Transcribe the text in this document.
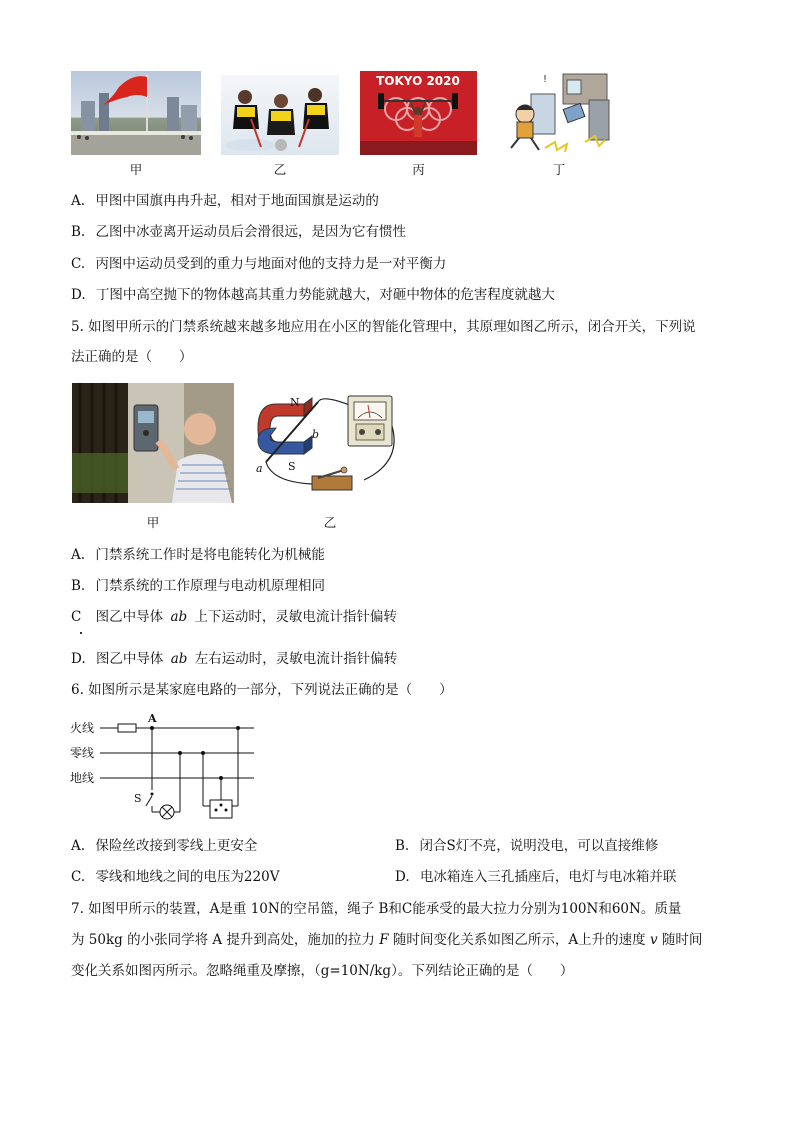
甲	乙
TOKYO 2020
丙
!
丁
A. 甲图中国旗冉冉升起，相对于地面国旗是运动的
B. 乙图中冰壶离开运动员后会滑很远，是因为它有惯性
C. 丙图中运动员受到的重力与地面对他的支持力是一对平衡力
D. 丁图中高空抛下的物体越高其重力势能就越大，对砸中物体的危害程度就越大
5. 如图甲所示的门禁系统越来越多地应用在小区的智能化管理中，其原理如图乙所示，闭合开关，下列说
法正确的是（　　）
甲
N
S
b
a
乙
A. 门禁系统工作时是将电能转化为机械能
B. 门禁系统的工作原理与电动机原理相同
C 图乙中导体 ab 上下运动时，灵敏电流计指针偏转
D. 图乙中导体 ab 左右运动时，灵敏电流计指针偏转
6. 如图所示是某家庭电路的一部分，下列说法正确的是（　　）
火线
零线
地线
A
S
A. 保险丝改接到零线上更安全	B. 闭合S灯不亮，说明没电，可以直接维修
C. 零线和地线之间的电压为220V	D. 电冰箱连入三孔插座后，电灯与电冰箱并联
7. 如图甲所示的装置，A是重 10N的空吊篮，绳子 B和C能承受的最大拉力分别为100N和60N。质量
为 50kg 的小张同学将 A 提升到高处，施加的拉力 F 随时间变化关系如图乙所示，A上升的速度 v 随时间
变化关系如图丙所示。忽略绳重及摩擦，（g=10N/kg）。下列结论正确的是（　　）
